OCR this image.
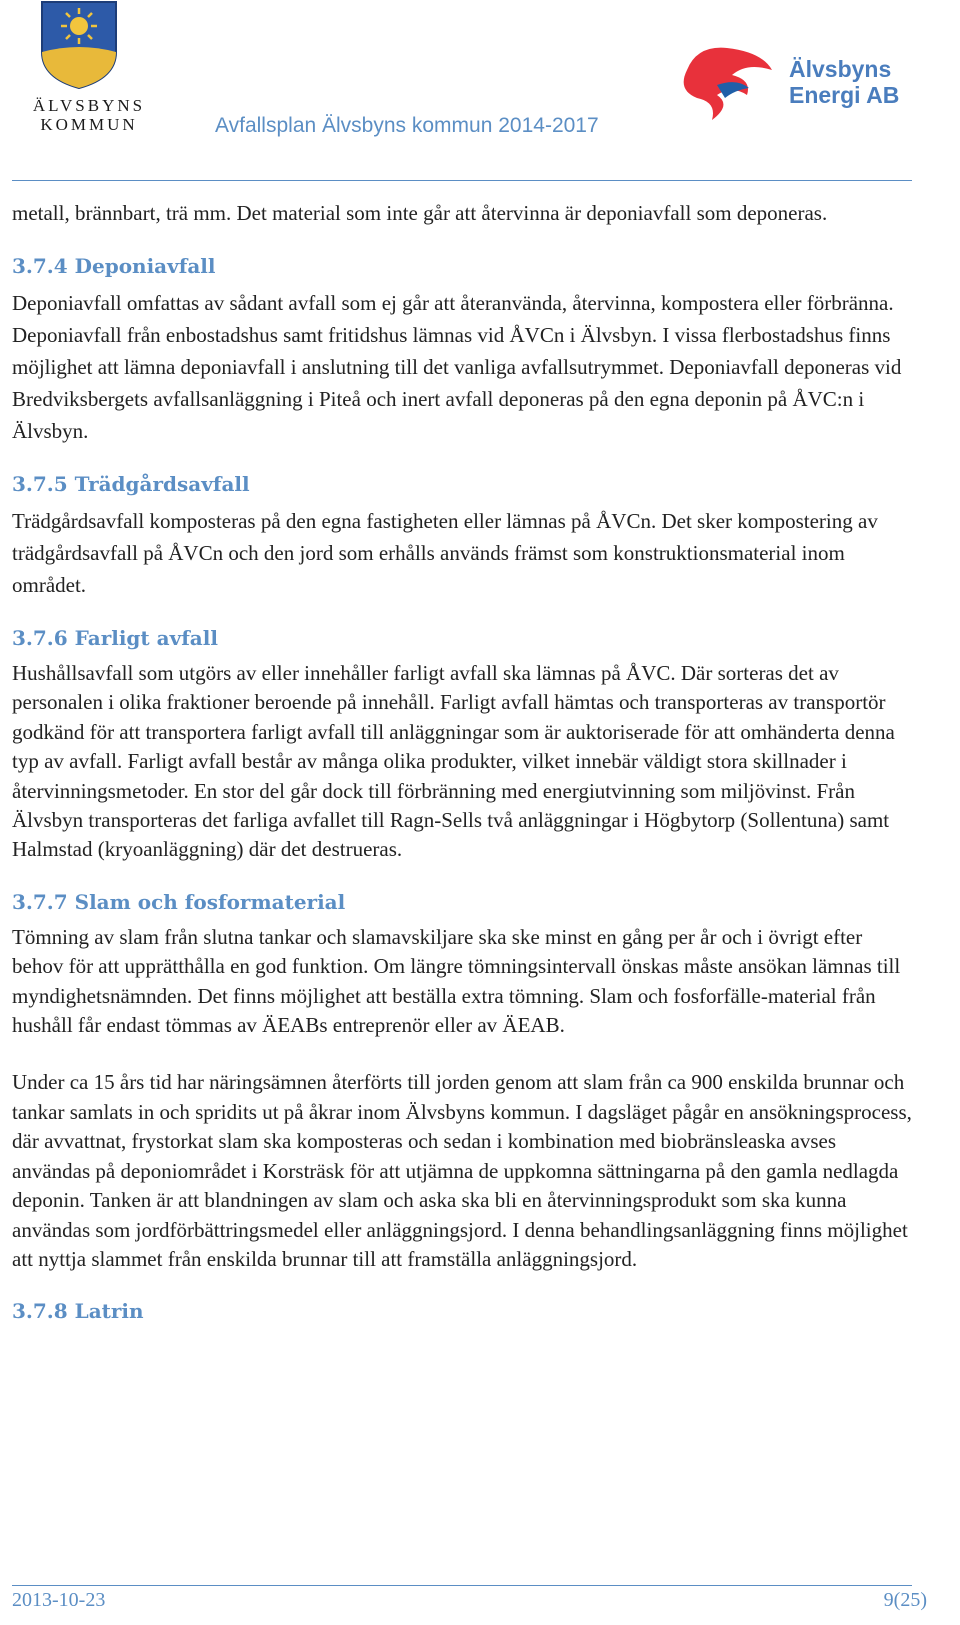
ÄLVSBYNS
KOMMUN	Avfallsplan Älvsbyns kommun 2014-2017
Älvsbyns
Energi AB

metall, brännbart, trä mm. Det material som inte går att återvinna är deponiavfall som deponeras.

3.7.4 Deponiavfall

Deponiavfall omfattas av sådant avfall som ej går att återanvända, återvinna, kompostera eller förbränna. Deponiavfall från enbostadshus samt fritidshus lämnas vid ÅVCn i Älvsbyn. I vissa flerbostadshus finns möjlighet att lämna deponiavfall i anslutning till det vanliga avfallsutrymmet. Deponiavfall deponeras vid Bredviksbergets avfallsanläggning i Piteå och inert avfall deponeras på den egna deponin på ÅVC:n i Älvsbyn.

3.7.5 Trädgårdsavfall

Trädgårdsavfall komposteras på den egna fastigheten eller lämnas på ÅVCn. Det sker kompostering av trädgårdsavfall på ÅVCn och den jord som erhålls används främst som konstruktionsmaterial inom området.

3.7.6 Farligt avfall

Hushållsavfall som utgörs av eller innehåller farligt avfall ska lämnas på ÅVC. Där sorteras det av personalen i olika fraktioner beroende på innehåll. Farligt avfall hämtas och transporteras av transportör godkänd för att transportera farligt avfall till anläggningar som är auktoriserade för att omhänderta denna typ av avfall. Farligt avfall består av många olika produkter, vilket innebär väldigt stora skillnader i återvinningsmetoder. En stor del går dock till förbränning med energiutvinning som miljövinst. Från Älvsbyn transporteras det farliga avfallet till Ragn-Sells två anläggningar i Högbytorp (Sollentuna) samt Halmstad (kryoanläggning) där det destrueras.

3.7.7 Slam och fosformaterial

Tömning av slam från slutna tankar och slamavskiljare ska ske minst en gång per år och i övrigt efter behov för att upprätthålla en god funktion. Om längre tömningsintervall önskas måste ansökan lämnas till myndighetsnämnden. Det finns möjlighet att beställa extra tömning. Slam och fosforfälle-material från hushåll får endast tömmas av ÄEABs entreprenör eller av ÄEAB.

Under ca 15 års tid har näringsämnen återförts till jorden genom att slam från ca 900 enskilda brunnar och tankar samlats in och spridits ut på åkrar inom Älvsbyns kommun. I dagsläget pågår en ansökningsprocess, där avvattnat, frystorkat slam ska komposteras och sedan i kombination med biobränsleaska avses användas på deponiområdet i Korsträsk för att utjämna de uppkomna sättningarna på den gamla nedlagda deponin. Tanken är att blandningen av slam och aska ska bli en återvinningsprodukt som ska kunna användas som jordförbättringsmedel eller anläggningsjord. I denna behandlingsanläggning finns möjlighet att nyttja slammet från enskilda brunnar till att framställa anläggningsjord.

3.7.8 Latrin
2013-10-23	9(25)
